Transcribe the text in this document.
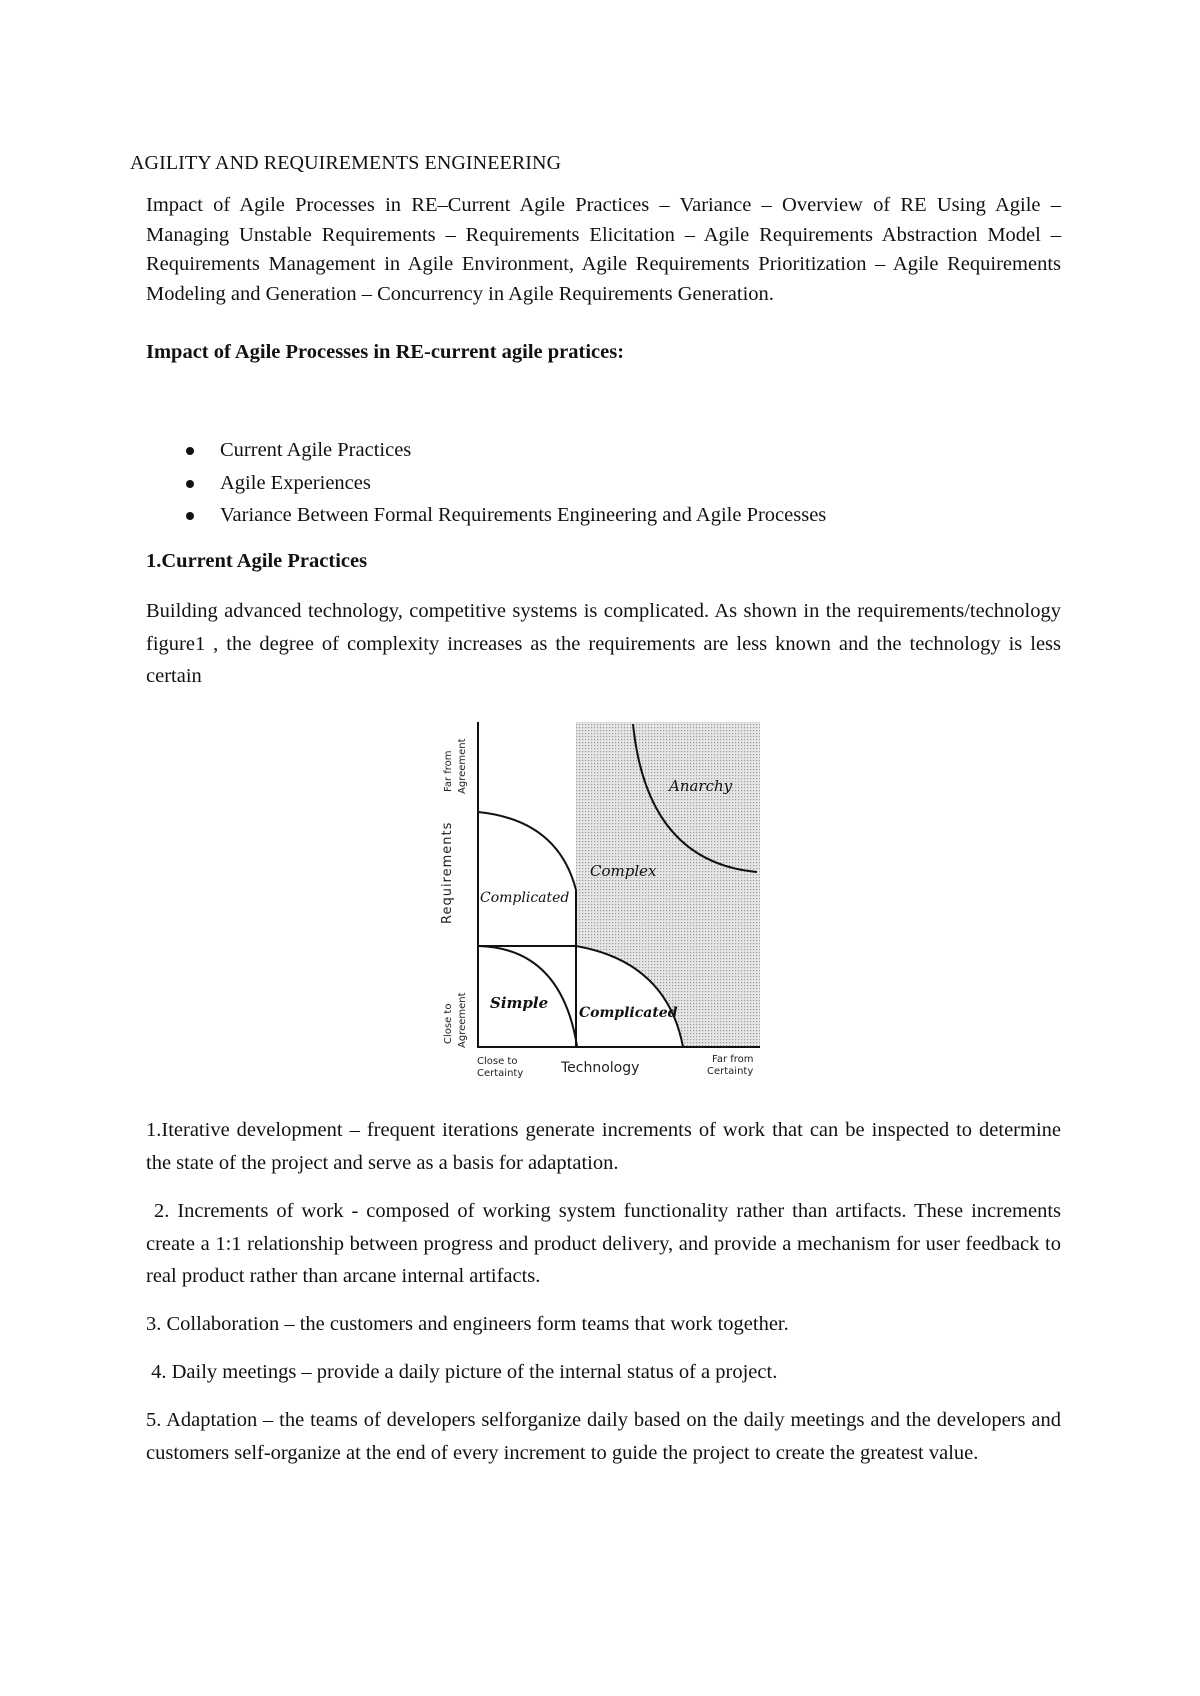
AGILITY AND REQUIREMENTS ENGINEERING

Impact of Agile Processes in RE–Current Agile Practices – Variance – Overview of RE Using Agile – Managing Unstable Requirements – Requirements Elicitation – Agile Requirements Abstraction Model – Requirements Management in Agile Environment, Agile Requirements Prioritization – Agile Requirements Modeling and Generation – Concurrency in Agile Requirements Generation.

Impact of Agile Processes in RE-current agile pratices:
Current Agile Practices
Agile Experiences
Variance Between Formal Requirements Engineering and Agile Processes
1.Current Agile Practices

Building advanced technology, competitive systems is complicated. As shown in the requirements/technology figure1 , the degree of complexity increases as the requirements are less known and the technology is less certain

Anarchy
Complex
Complicated
Simple
Complicated
Requirements
Far from Agreement
Close to Agreement
Close to
Certainty	Technology
Far from
Certainty

1.Iterative development – frequent iterations generate increments of work that can be inspected to determine the state of the project and serve as a basis for adaptation.

2. Increments of work - composed of working system functionality rather than artifacts. These increments create a 1:1 relationship between progress and product delivery, and provide a mechanism for user feedback to real product rather than arcane internal artifacts.

3. Collaboration – the customers and engineers form teams that work together.

4. Daily meetings – provide a daily picture of the internal status of a project.

5. Adaptation – the teams of developers selforganize daily based on the daily meetings and the developers and customers self-organize at the end of every increment to guide the project to create the greatest value.
